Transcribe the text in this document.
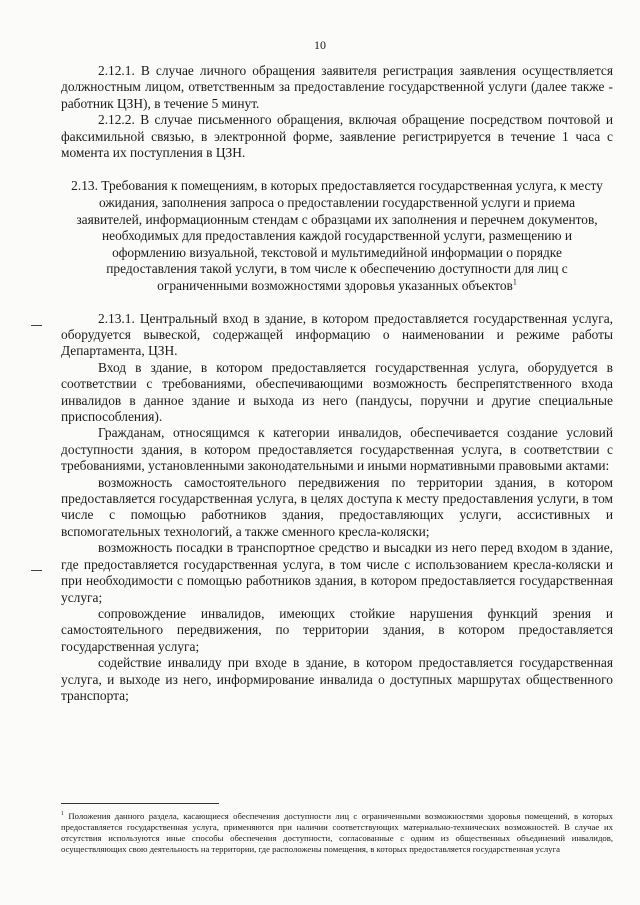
10

2.12.1. В случае личного обращения заявителя регистрация заявления осуществляется должностным лицом, ответственным за предоставление государственной услуги (далее также - работник ЦЗН), в течение 5 минут.

2.12.2. В случае письменного обращения, включая обращение посредством почтовой и факсимильной связью, в электронной форме, заявление регистрируется в течение 1 часа с момента их поступления в ЦЗН.

2.13. Требования к помещениям, в которых предоставляется государственная услуга, к месту ожидания, заполнения запроса о предоставлении государственной услуги и приема заявителей, информационным стендам с образцами их заполнения и перечнем документов, необходимых для предоставления каждой государственной услуги, размещению и оформлению визуальной, текстовой и мультимедийной информации о порядке предоставления такой услуги, в том числе к обеспечению доступности для лиц с ограниченными возможностями здоровья указанных объектов$^1$

2.13.1. Центральный вход в здание, в котором предоставляется государственная услуга, оборудуется вывеской, содержащей информацию о наименовании и режиме работы Департамента, ЦЗН.

Вход в здание, в котором предоставляется государственная услуга, оборудуется в соответствии с требованиями, обеспечивающими возможность беспрепятственного входа инвалидов в данное здание и выхода из него (пандусы, поручни и другие специальные приспособления).

Гражданам, относящимся к категории инвалидов, обеспечивается создание условий доступности здания, в котором предоставляется государственная услуга, в соответствии с требованиями, установленными законодательными и иными нормативными правовыми актами:

возможность самостоятельного передвижения по территории здания, в котором предоставляется государственная услуга, в целях доступа к месту предоставления услуги, в том числе с помощью работников здания, предоставляющих услуги, ассистивных и вспомогательных технологий, а также сменного кресла-коляски;

возможность посадки в транспортное средство и высадки из него перед входом в здание, где предоставляется государственная услуга, в том числе с использованием кресла-коляски и при необходимости с помощью работников здания, в котором предоставляется государственная услуга;

сопровождение инвалидов, имеющих стойкие нарушения функций зрения и самостоятельного передвижения, по территории здания, в котором предоставляется государственная услуга;

содействие инвалиду при входе в здание, в котором предоставляется государственная услуга, и выходе из него, информирование инвалида о доступных маршрутах общественного транспорта;

$^1$ Положения данного раздела, касающиеся обеспечения доступности лиц с ограниченными возможностями здоровья помещений, в которых предоставляется государственная услуга, применяются при наличии соответствующих материально-технических возможностей. В случае их отсутствия используются иные способы обеспечения доступности, согласованные с одним из общественных объединений инвалидов, осуществляющих свою деятельность на территории, где расположены помещения, в которых предоставляется государственная услуга
